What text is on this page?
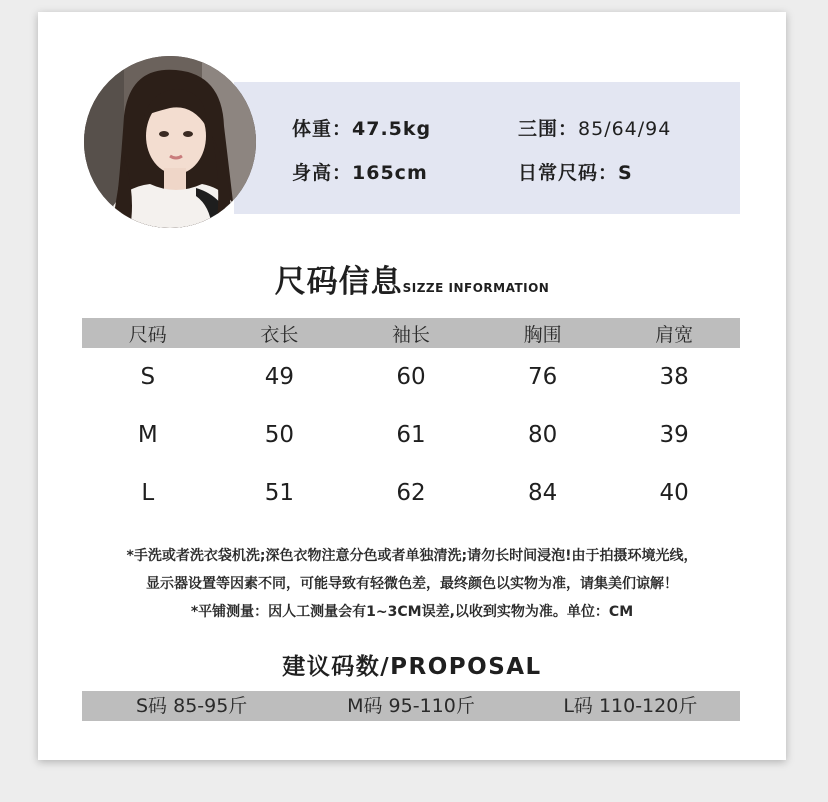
体重：47.5kg
身高：165cm
三围：85/64/94
日常尺码：S
尺码信息SIZZE INFORMATION
尺码	衣长	袖长	胸围	肩宽
S	49	60	76	38
M	50	61	80	39
L	51	62	84	40
*手洗或者洗衣袋机洗;深色衣物注意分色或者单独清洗;请勿长时间浸泡!由于拍摄环境光线，
显示器设置等因素不同，可能导致有轻微色差，最终颜色以实物为准，请集美们谅解！
*平铺测量：因人工测量会有1~3CM误差,以收到实物为准。单位：CM
建议码数/PROPOSAL
S码 85-95斤	M码 95-110斤	L码 110-120斤
